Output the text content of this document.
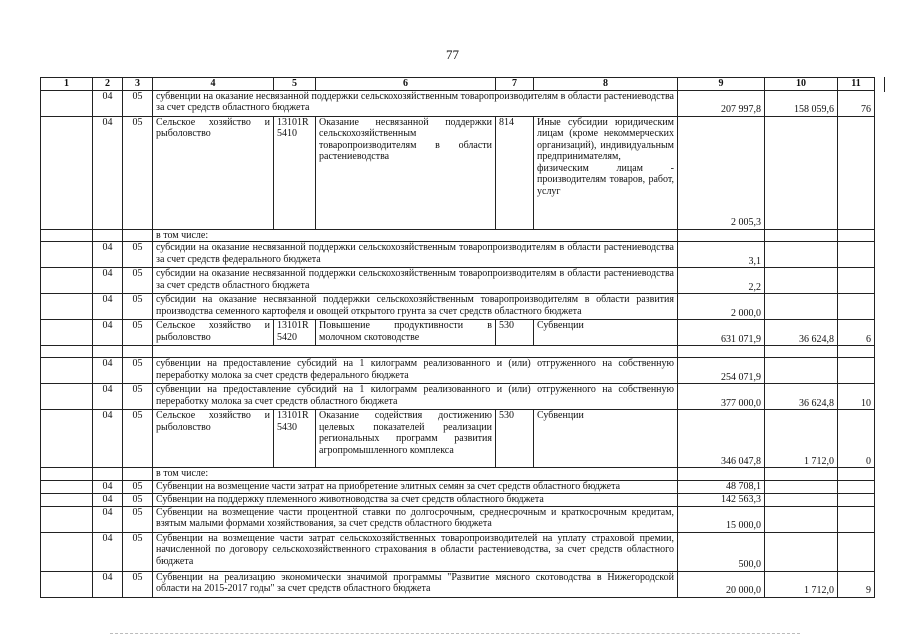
77
1	2	3	4	5	6	7	8	9	10	11
	04	05	субвенции на оказание несвязанной поддержки сельскохозяйственным товаропроизводителям в области растениеводства за счет средств областного бюджета					207 997,8	158 059,6	76
	04	05	Сельское хозяйство и рыболовство	13101R 5410	Оказание несвязанной поддержки сельскохозяйственным товаропроизводителям в области растениеводства	814	Иные субсидии юридическим лицам (кроме некоммерческих организаций), индивидуальным предпринимателям, физическим лицам - производителям товаров, работ, услуг	2 005,3		
			в том числе:							
	04	05	субсидии на оказание несвязанной поддержки сельскохозяйственным товаропроизводителям в области растениеводства за счет средств федерального бюджета					3,1		
	04	05	субсидии на оказание несвязанной поддержки сельскохозяйственным товаропроизводителям в области растениеводства за счет средств областного бюджета					2,2		
	04	05	субсидии на оказание несвязанной поддержки сельскохозяйственным товаропроизводителям в области развития производства семенного картофеля и овощей открытого грунта за счет средств областного бюджета					2 000,0		
	04	05	Сельское хозяйство и рыболовство	13101R 5420	Повышение продуктивности в молочном скотоводстве	530	Субвенции	631 071,9	36 624,8	6

	04	05	субвенции на предоставление субсидий на 1 килограмм реализованного и (или) отгруженного на собственную переработку молока за счет средств федерального бюджета					254 071,9		
	04	05	субвенции на предоставление субсидий на 1 килограмм реализованного и (или) отгруженного на собственную переработку молока за счет средств областного бюджета					377 000,0	36 624,8	10
	04	05	Сельское хозяйство и рыболовство	13101R 5430	Оказание содействия достижению целевых показателей реализации региональных программ развития агропромышленного комплекса	530	Субвенции	346 047,8	1 712,0	0
			в том числе:							
	04	05	Субвенции на возмещение части затрат на приобретение элитных семян за счет средств областного бюджета					48 708,1		
	04	05	Субвенции на поддержку племенного животноводства за счет средств областного бюджета					142 563,3		
	04	05	Субвенции на возмещение части процентной ставки по долгосрочным, среднесрочным и краткосрочным кредитам, взятым малыми формами хозяйствования, за счет средств областного бюджета					15 000,0		
	04	05	Субвенции на возмещение части затрат сельскохозяйственных товаропроизводителей на уплату страховой премии, начисленной по договору сельскохозяйственного страхования в области растениеводства, за счет средств областного бюджета					500,0		
	04	05	Субвенции на реализацию экономически значимой программы "Развитие мясного скотоводства в Нижегородской области на 2015-2017 годы" за счет средств областного бюджета					20 000,0	1 712,0	9
